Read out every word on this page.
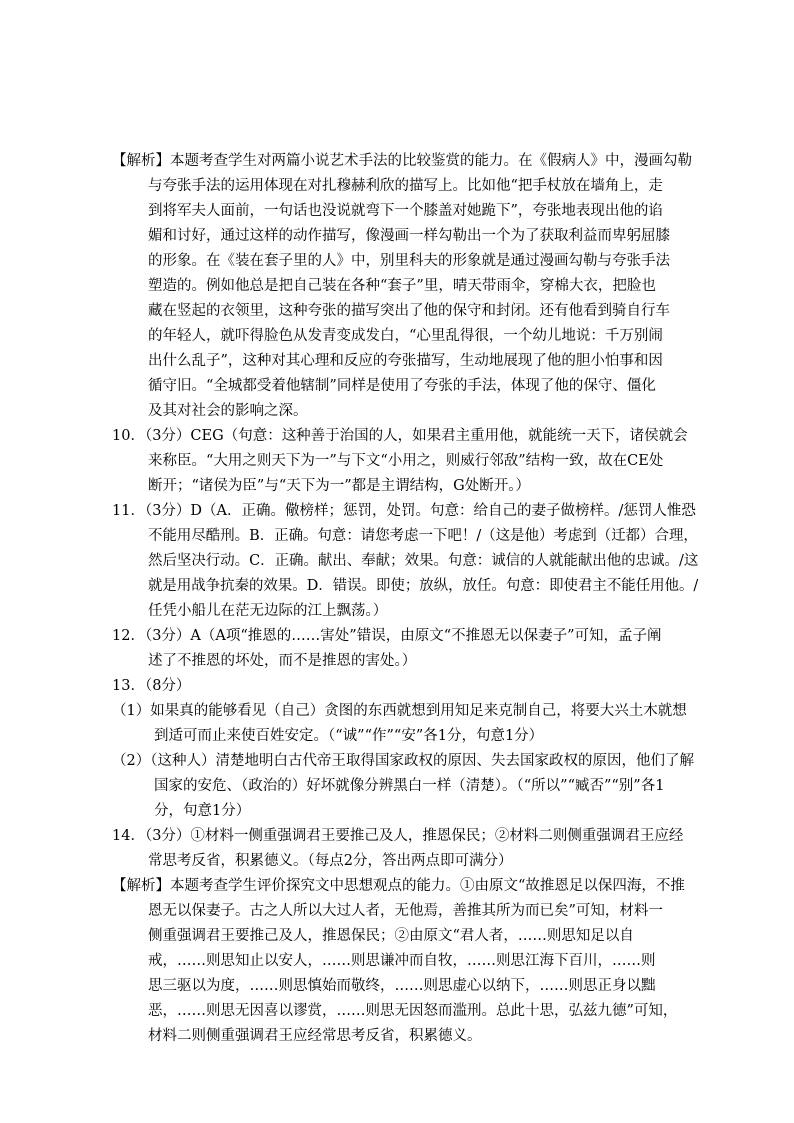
【解析】本题考查学生对两篇小说艺术手法的比较鉴赏的能力。在《假病人》中，漫画勾勒
与夸张手法的运用体现在对扎穆赫利欣的描写上。比如他“把手杖放在墙角上，走
到将军夫人面前，一句话也没说就弯下一个膝盖对她跪下”，夸张地表现出他的谄
媚和讨好，通过这样的动作描写，像漫画一样勾勒出一个为了获取利益而卑躬屈膝
的形象。在《装在套子里的人》中，别里科夫的形象就是通过漫画勾勒与夸张手法
塑造的。例如他总是把自己装在各种“套子”里，晴天带雨伞，穿棉大衣，把脸也
藏在竖起的衣领里，这种夸张的描写突出了他的保守和封闭。还有他看到骑自行车
的年轻人，就吓得脸色从发青变成发白，“心里乱得很，一个幼儿地说：千万别闹
出什么乱子”，这种对其心理和反应的夸张描写，生动地展现了他的胆小怕事和因
循守旧。“全城都受着他辖制”同样是使用了夸张的手法，体现了他的保守、僵化
及其对社会的影响之深。
10．（3分）CEG（句意：这种善于治国的人，如果君主重用他，就能统一天下，诸侯就会
来称臣。“大用之则天下为一”与下文“小用之，则威行邻敌”结构一致，故在CE处
断开；“诸侯为臣”与“天下为一”都是主谓结构，G处断开。）
11．（3分）D（A．正确。儆榜样；惩罚，处罚。句意：给自己的妻子做榜样。/惩罚人惟恐
不能用尽酷刑。B．正确。句意：请您考虑一下吧！/（这是他）考虑到（迁都）合理，
然后坚决行动。C．正确。献出、奉献；效果。句意：诚信的人就能献出他的忠诚。/这
就是用战争抗秦的效果。D．错误。即使；放纵，放任。句意：即使君主不能任用他。/
任凭小船儿在茫无边际的江上飘荡。）
12．（3分）A（A项“推恩的……害处”错误，由原文“不推恩无以保妻子”可知，孟子阐
述了不推恩的坏处，而不是推恩的害处。）
13．（8分）
（1）如果真的能够看见（自己）贪图的东西就想到用知足来克制自己，将要大兴土木就想
到适可而止来使百姓安定。（“诚”“作”“安”各1分，句意1分）
（2）（这种人）清楚地明白古代帝王取得国家政权的原因、失去国家政权的原因，他们了解
国家的安危、（政治的）好坏就像分辨黑白一样（清楚）。（“所以”“臧否”“别”各1
分，句意1分）
14．（3分）①材料一侧重强调君王要推己及人，推恩保民；②材料二则侧重强调君王应经
常思考反省，积累德义。（每点2分，答出两点即可满分）
【解析】本题考查学生评价探究文中思想观点的能力。①由原文“故推恩足以保四海，不推
恩无以保妻子。古之人所以大过人者，无他焉，善推其所为而已矣”可知，材料一
侧重强调君王要推己及人，推恩保民；②由原文“君人者，……则思知足以自
戒，……则思知止以安人，……则思谦冲而自牧，……则思江海下百川，……则
思三驱以为度，……则思慎始而敬终，……则思虚心以纳下，……则思正身以黜
恶，……则思无因喜以谬赏，……则思无因怒而滥刑。总此十思，弘兹九德”可知，
材料二则侧重强调君王应经常思考反省，积累德义。
